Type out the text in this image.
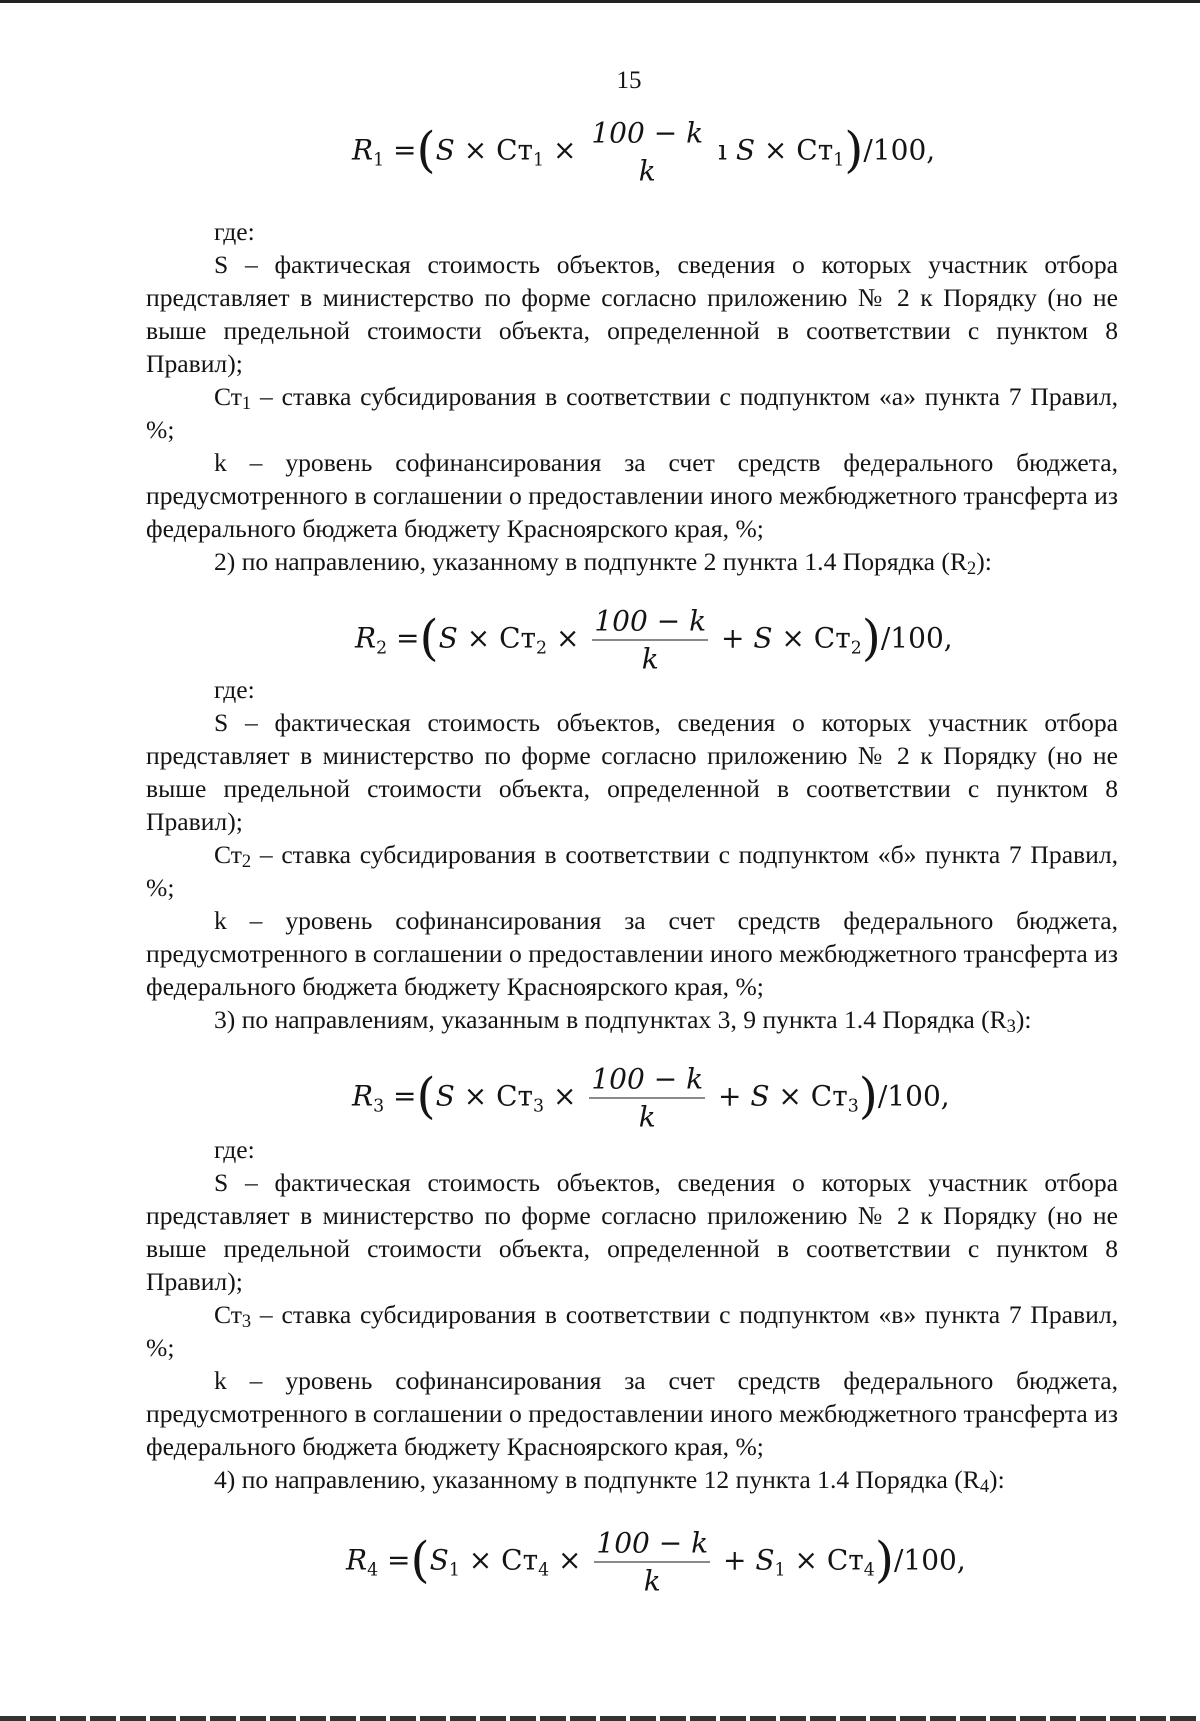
15
$R_1 =(S \times Ст_1$ ×
100 − k
k
ı $S \times Ст_1)/100$,

где:

S – фактическая стоимость объектов, сведения о которых участник отбора представляет в министерство по форме согласно приложению № 2 к Порядку (но не выше предельной стоимости объекта, определенной в соответствии с пунктом 8 Правил);

Ст1 – ставка субсидирования в соответствии с подпунктом «а» пункта 7 Правил, %;

k – уровень софинансирования за счет средств федерального бюджета, предусмотренного в соглашении о предоставлении иного межбюджетного трансферта из федерального бюджета бюджету Красноярского края, %;

2) по направлению, указанному в подпункте 2 пункта 1.4 Порядка (R2):

$R_2 =(S \times Ст_2 \times \frac{100 - k}{k} + S \times Ст_2)/100$,

где:

S – фактическая стоимость объектов, сведения о которых участник отбора представляет в министерство по форме согласно приложению № 2 к Порядку (но не выше предельной стоимости объекта, определенной в соответствии с пунктом 8 Правил);

Ст2 – ставка субсидирования в соответствии с подпунктом «б» пункта 7 Правил, %;

k – уровень софинансирования за счет средств федерального бюджета, предусмотренного в соглашении о предоставлении иного межбюджетного трансферта из федерального бюджета бюджету Красноярского края, %;

3) по направлениям, указанным в подпунктах 3, 9 пункта 1.4 Порядка (R3):

$R_3 =(S \times Ст_3 \times \frac{100 - k}{k} + S \times Ст_3)/100$,

где:

S – фактическая стоимость объектов, сведения о которых участник отбора представляет в министерство по форме согласно приложению № 2 к Порядку (но не выше предельной стоимости объекта, определенной в соответствии с пунктом 8 Правил);

Ст3 – ставка субсидирования в соответствии с подпунктом «в» пункта 7 Правил, %;

k – уровень софинансирования за счет средств федерального бюджета, предусмотренного в соглашении о предоставлении иного межбюджетного трансферта из федерального бюджета бюджету Красноярского края, %;

4) по направлению, указанному в подпункте 12 пункта 1.4 Порядка (R4):

$R_4 =(S_1 \times Ст_4 \times \frac{100 - k}{k} + S_1 \times Ст_4)/100$,
